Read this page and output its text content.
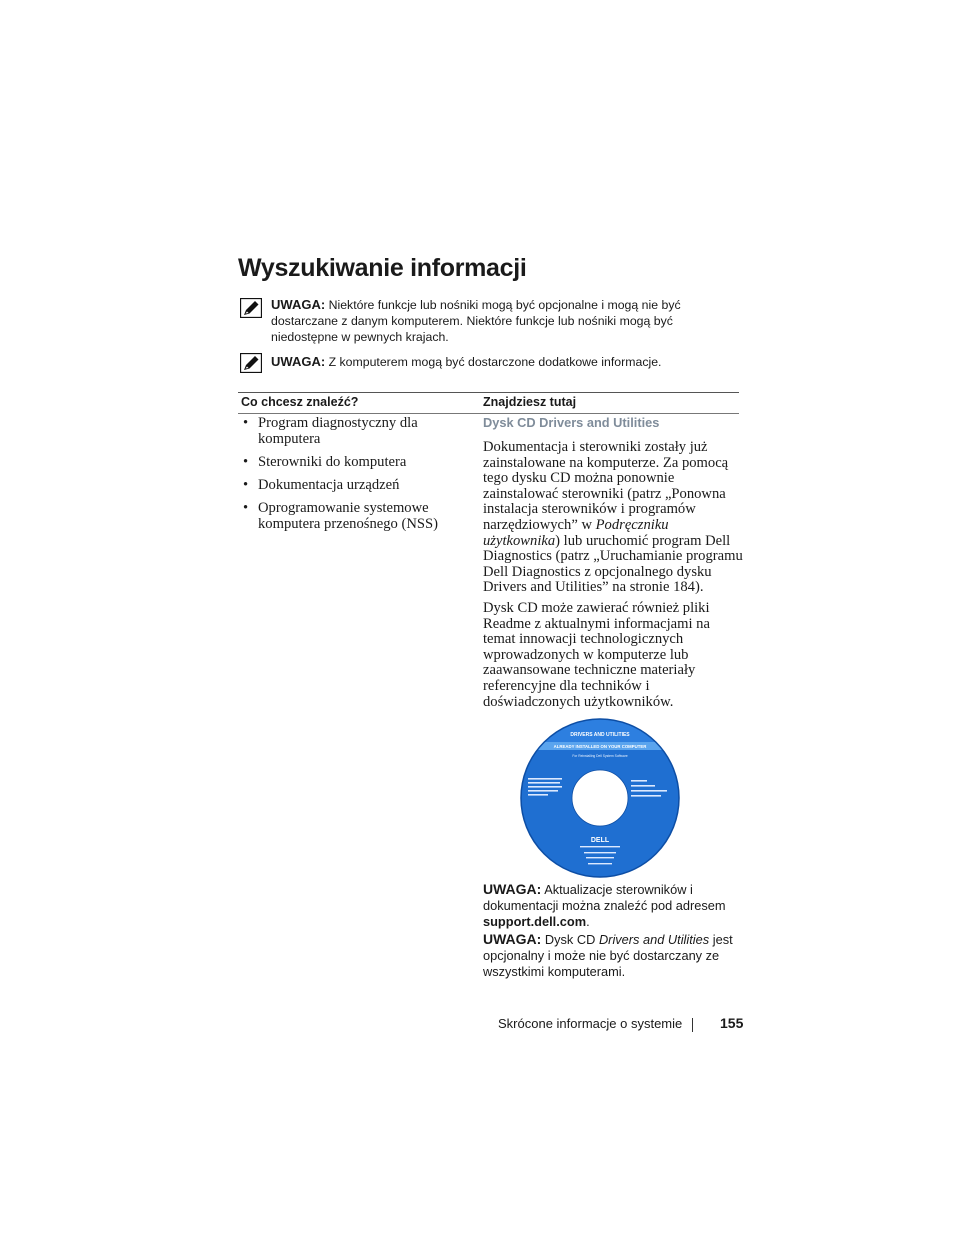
Wyszukiwanie informacji

UWAGA: Niektóre funkcje lub nośniki mogą być opcjonalne i mogą nie być dostarczane z danym komputerem. Niektóre funkcje lub nośniki mogą być niedostępne w pewnych krajach.

UWAGA: Z komputerem mogą być dostarczone dodatkowe informacje.

Co chcesz znaleźć?	Znajdziesz tutaj
• Program diagnostyczny dla komputera
• Sterowniki do komputera
• Dokumentacja urządzeń
• Oprogramowanie systemowe komputera przenośnego (NSS)
Dysk CD Drivers and Utilities

Dokumentacja i sterowniki zostały już zainstalowane na komputerze. Za pomocą tego dysku CD można ponownie zainstalować sterowniki (patrz „Ponowna instalacja sterowników i programów narzędziowych” w Podręczniku użytkownika) lub uruchomić program Dell Diagnostics (patrz „Uruchamianie programu Dell Diagnostics z opcjonalnego dysku Drivers and Utilities” na stronie 184).

Dysk CD może zawierać również pliki Readme z aktualnymi informacjami na temat innowacji technologicznych wprowadzonych w komputerze lub zaawansowane techniczne materiały referencyjne dla techników i doświadczonych użytkowników.

DRIVERS AND UTILITIES
ALREADY INSTALLED ON YOUR COMPUTER
For Reinstalling Dell System Software
DELL

UWAGA: Aktualizacje sterowników i dokumentacji można znaleźć pod adresem support.dell.com.

UWAGA: Dysk CD Drivers and Utilities jest opcjonalny i może nie być dostarczany ze wszystkimi komputerami.

Skrócone informacje o systemie	155
